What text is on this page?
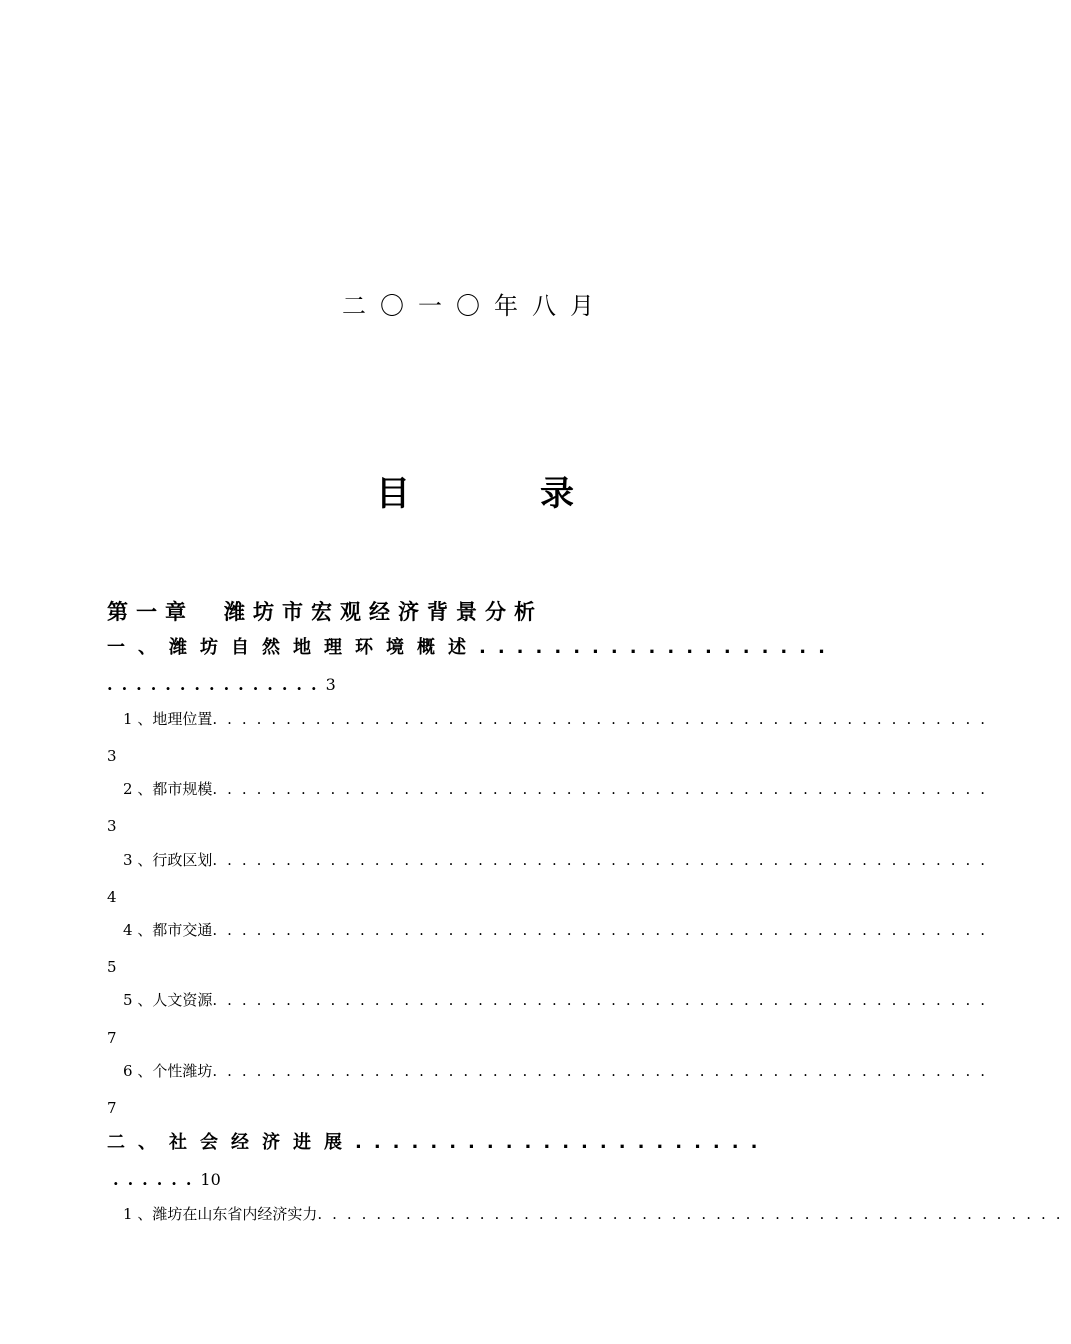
二〇一〇年八月
目	录
第一章 潍坊市宏观经济背景分析
一、潍坊自然地理环境概述...................
...............3
1 、地理位置.....................................................
3
2 、都市规模.....................................................
3
3 、行政区划.....................................................
4
4 、都市交通.....................................................
5
5 、人文资源.....................................................
7
6 、个性潍坊.....................................................
7
二、社会经济进展......................
......10
1 、潍坊在山东省内经济实力...................................................
